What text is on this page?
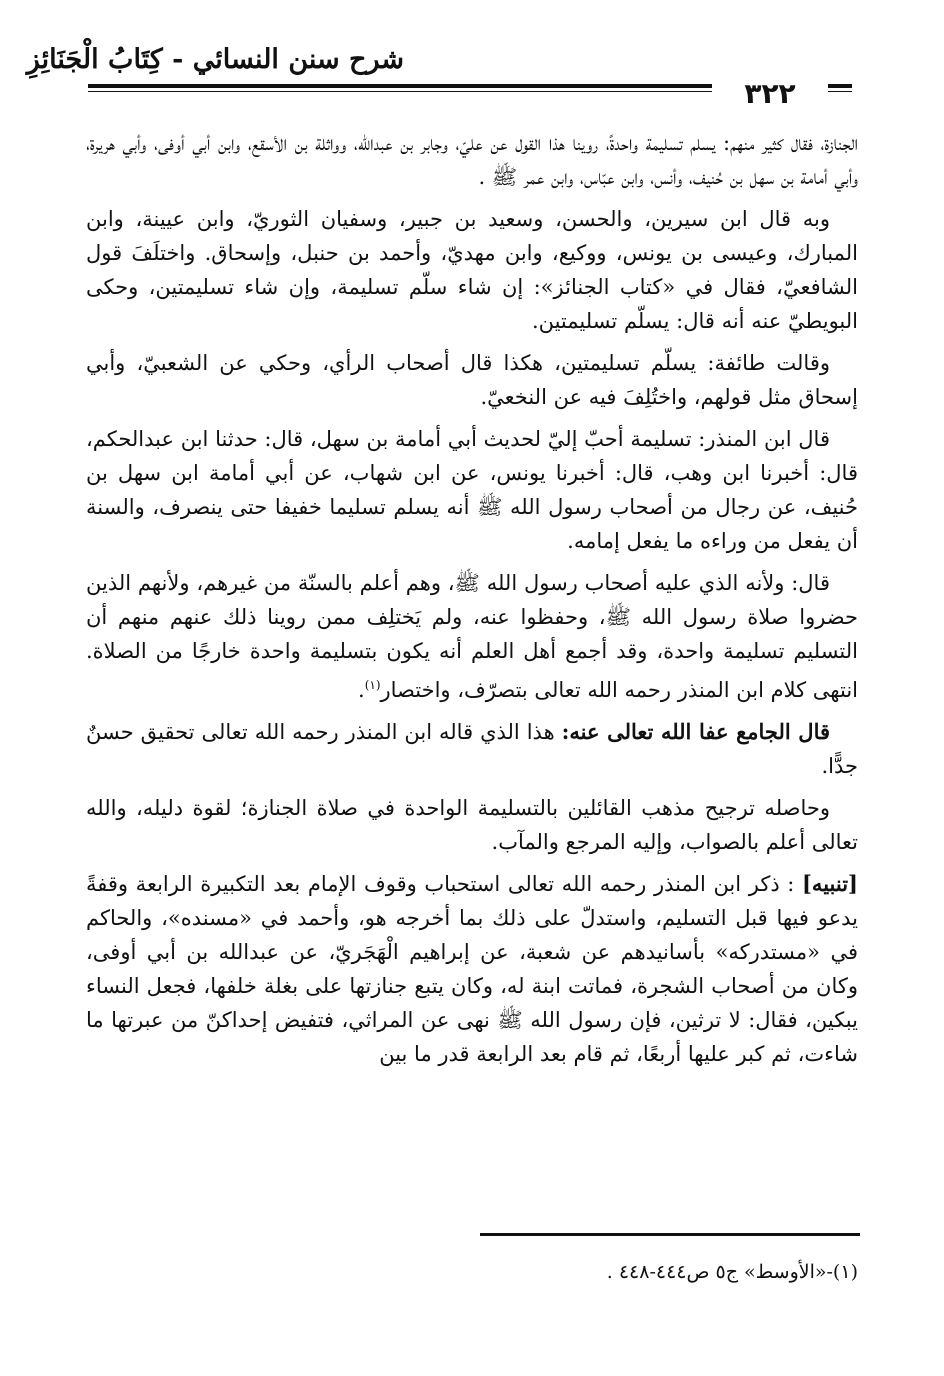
شرح سنن النسائي - كِتَابُ الْجَنَائِزِ
٣٢٢

الجنازة، فقال كثير منهم: يسلم تسليمة واحدةً، روينا هذا القول عن عليّ، وجابر بن عبدالله، وواثلة بن الأسقع، وابن أبي أوفى، وأبي هريرة، وأبي أمامة بن سهل بن حُنيف، وأنس، وابن عبّاس، وابن عمر ﷺ .

وبه قال ابن سيرين، والحسن، وسعيد بن جبير، وسفيان الثوريّ، وابن عيينة، وابن المبارك، وعيسى بن يونس، ووكيع، وابن مهديّ، وأحمد بن حنبل، وإسحاق. واختلَفَ قول الشافعيّ، فقال في «كتاب الجنائز»: إن شاء سلّم تسليمة، وإن شاء تسليمتين، وحكى البويطيّ عنه أنه قال: يسلّم تسليمتين.

وقالت طائفة: يسلّم تسليمتين، هكذا قال أصحاب الرأي، وحكي عن الشعبيّ، وأبي إسحاق مثل قولهم، واختُلِفَ فيه عن النخعيّ.

قال ابن المنذر: تسليمة أحبّ إليّ لحديث أبي أمامة بن سهل، قال: حدثنا ابن عبدالحكم، قال: أخبرنا ابن وهب، قال: أخبرنا يونس، عن ابن شهاب، عن أبي أمامة ابن سهل بن حُنيف، عن رجال من أصحاب رسول الله ﷺ أنه يسلم تسليما خفيفا حتى ينصرف، والسنة أن يفعل من وراءه ما يفعل إمامه.

قال: ولأنه الذي عليه أصحاب رسول الله ﷺ، وهم أعلم بالسنّة من غيرهم، ولأنهم الذين حضروا صلاة رسول الله ﷺ، وحفظوا عنه، ولم يَختلِف ممن روينا ذلك عنهم منهم أن التسليم تسليمة واحدة، وقد أجمع أهل العلم أنه يكون بتسليمة واحدة خارجًا من الصلاة. انتهى كلام ابن المنذر رحمه الله تعالى بتصرّف، واختصار$^{(١)}$.

قال الجامع عفا الله تعالى عنه: هذا الذي قاله ابن المنذر رحمه الله تعالى تحقيق حسنٌ جدًّا.

وحاصله ترجيح مذهب القائلين بالتسليمة الواحدة في صلاة الجنازة؛ لقوة دليله، والله تعالى أعلم بالصواب، وإليه المرجع والمآب.

[تنبيه] : ذكر ابن المنذر رحمه الله تعالى استحباب وقوف الإمام بعد التكبيرة الرابعة وقفةً يدعو فيها قبل التسليم، واستدلّ على ذلك بما أخرجه هو، وأحمد في «مسنده»، والحاكم في «مستدركه» بأسانيدهم عن شعبة، عن إبراهيم الْهَجَريّ، عن عبدالله بن أبي أوفى، وكان من أصحاب الشجرة، فماتت ابنة له، وكان يتبع جنازتها على بغلة خلفها، فجعل النساء يبكين، فقال: لا ترثين، فإن رسول الله ﷺ نهى عن المراثي، فتفيض إحداكنّ من عبرتها ما شاءت، ثم كبر عليها أربعًا، ثم قام بعد الرابعة قدر ما بين

(١)-«الأوسط» ج٥ ص٤٤٤-٤٤٨ .
